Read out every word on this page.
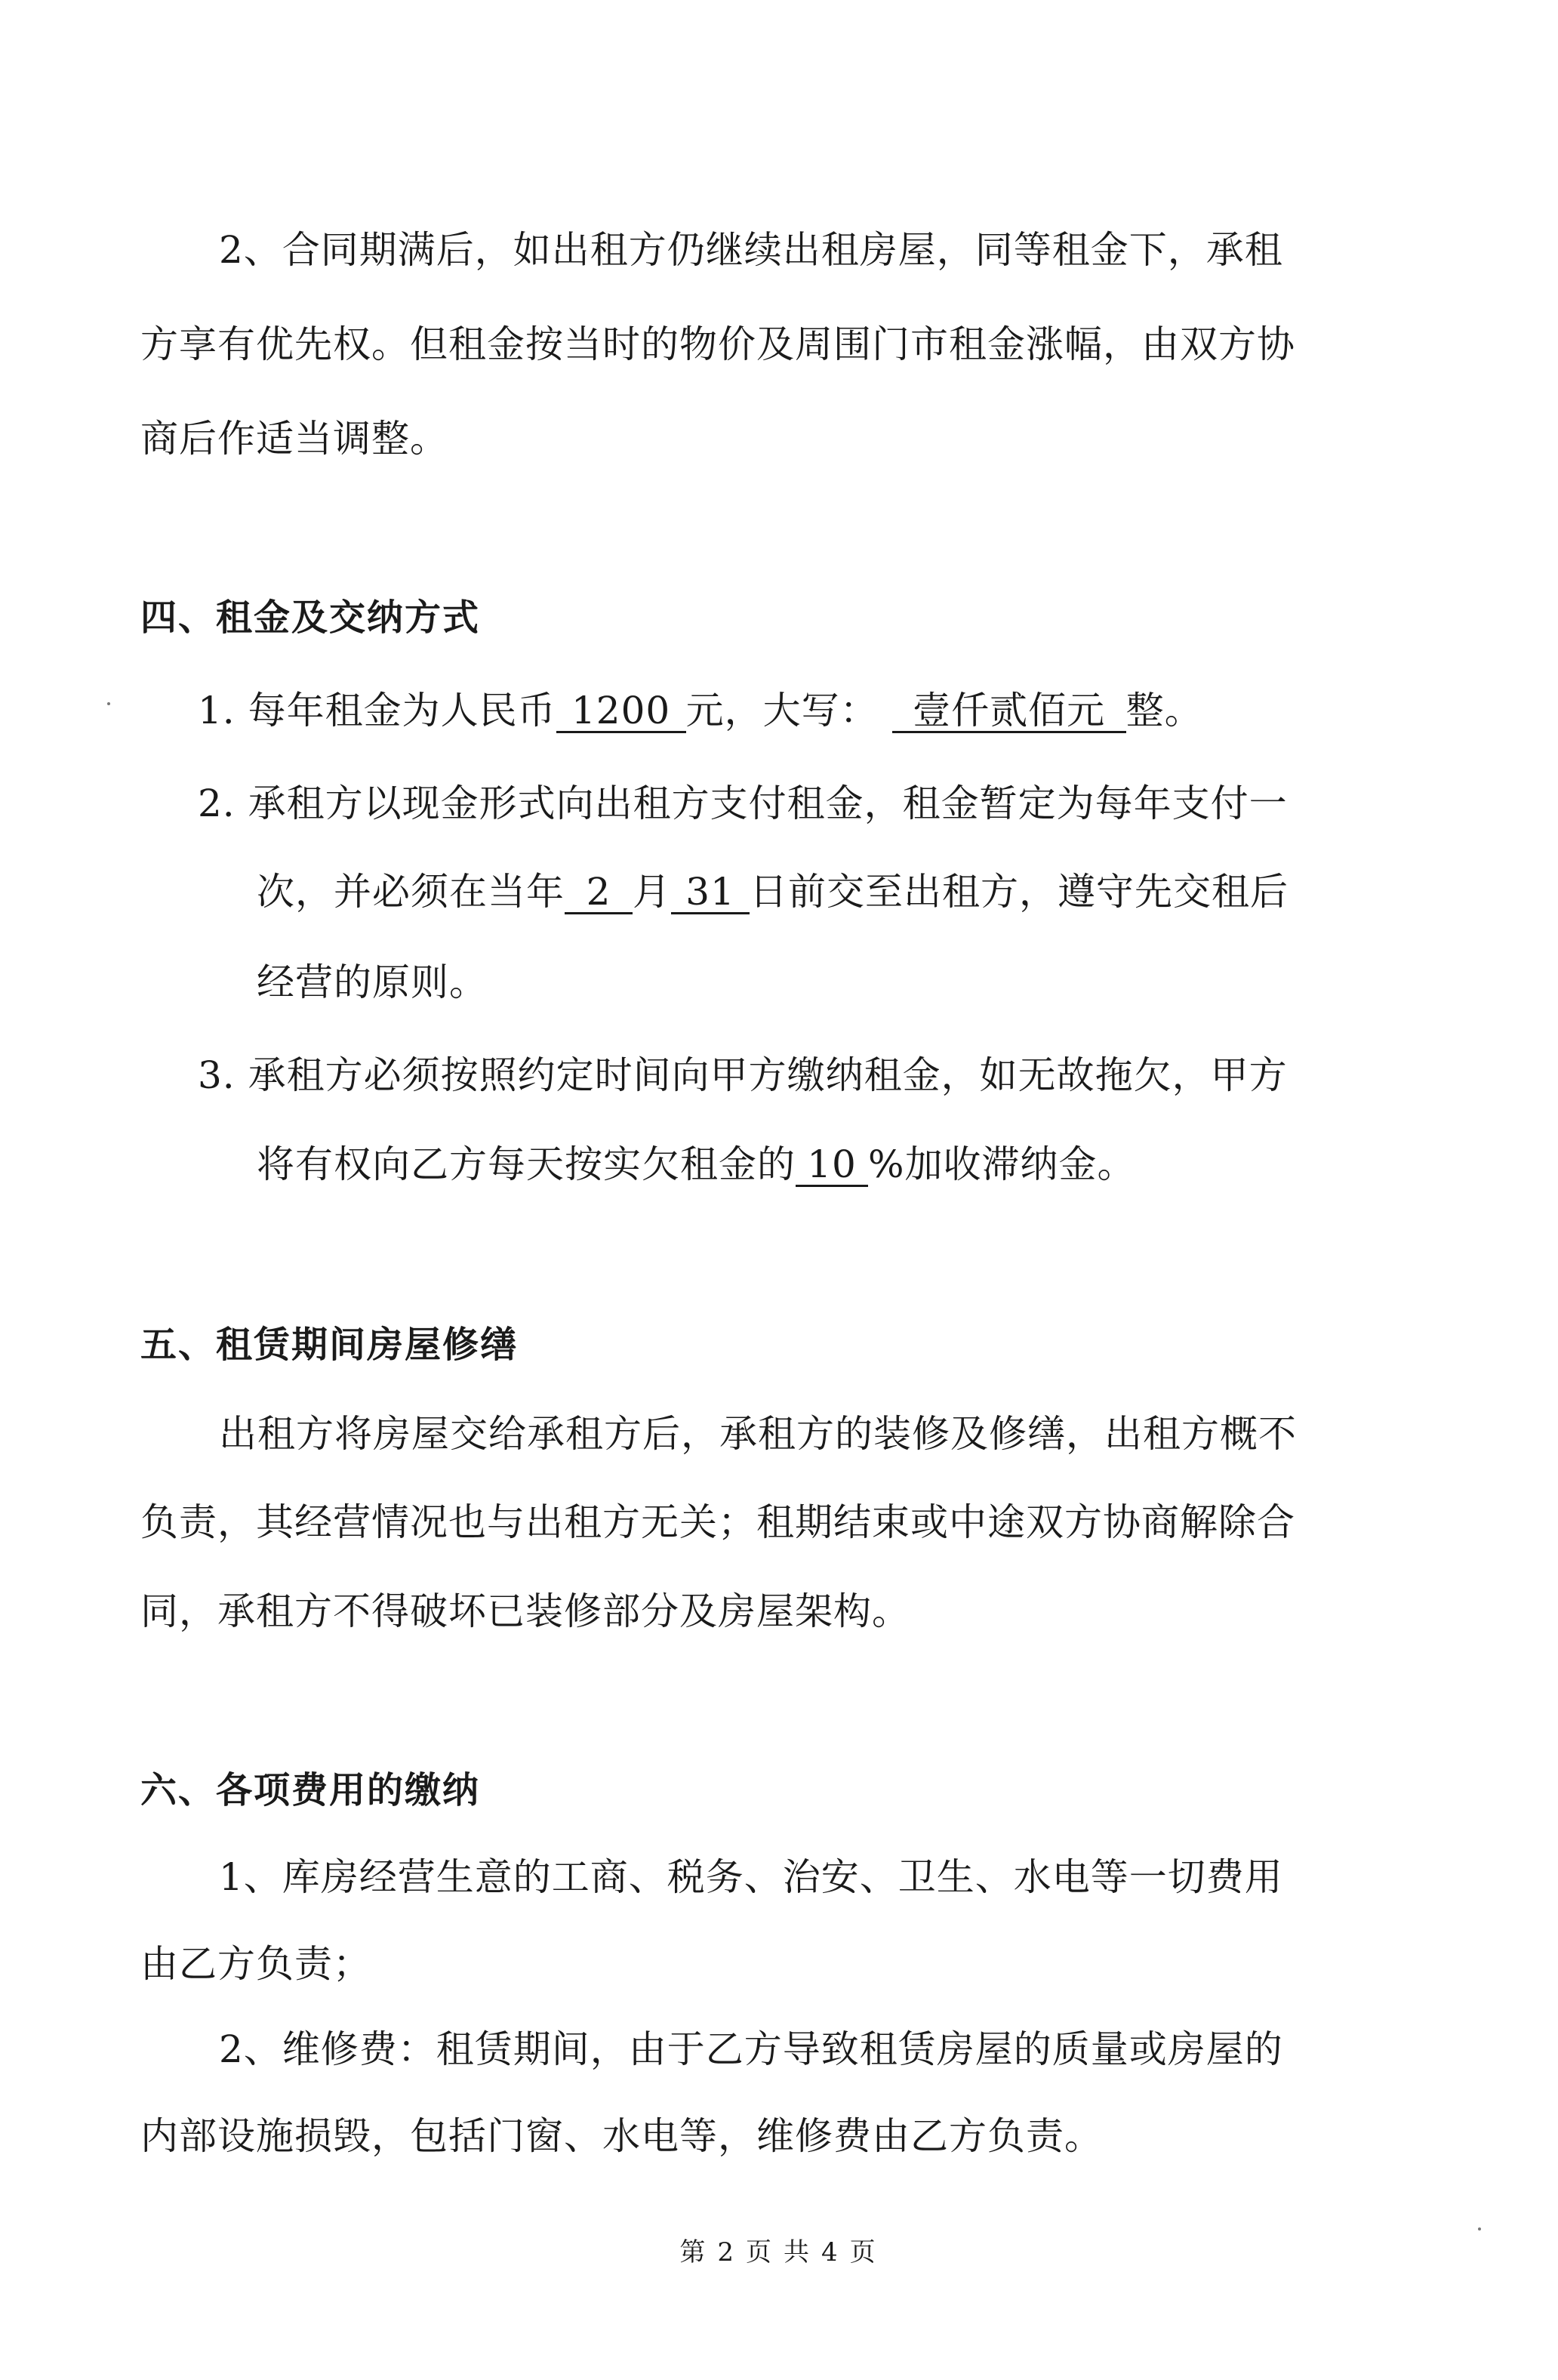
2、合同期满后，如出租方仍继续出租房屋，同等租金下，承租
方享有优先权。但租金按当时的物价及周围门市租金涨幅，由双方协
商后作适当调整。
四、租金及交纳方式
1. 每年租金为人民币 1200 元，大写： 壹仟贰佰元 整。
2. 承租方以现金形式向出租方支付租金，租金暂定为每年支付一
次，并必须在当年 2 月 31 日前交至出租方，遵守先交租后
经营的原则。
3. 承租方必须按照约定时间向甲方缴纳租金，如无故拖欠，甲方
将有权向乙方每天按实欠租金的 10 %加收滞纳金。
五、租赁期间房屋修缮
出租方将房屋交给承租方后，承租方的装修及修缮，出租方概不
负责，其经营情况也与出租方无关；租期结束或中途双方协商解除合
同，承租方不得破坏已装修部分及房屋架构。
六、各项费用的缴纳
1、库房经营生意的工商、税务、治安、卫生、水电等一切费用
由乙方负责；
2、维修费：租赁期间，由于乙方导致租赁房屋的质量或房屋的
内部设施损毁，包括门窗、水电等，维修费由乙方负责。
第 2 页 共 4 页
